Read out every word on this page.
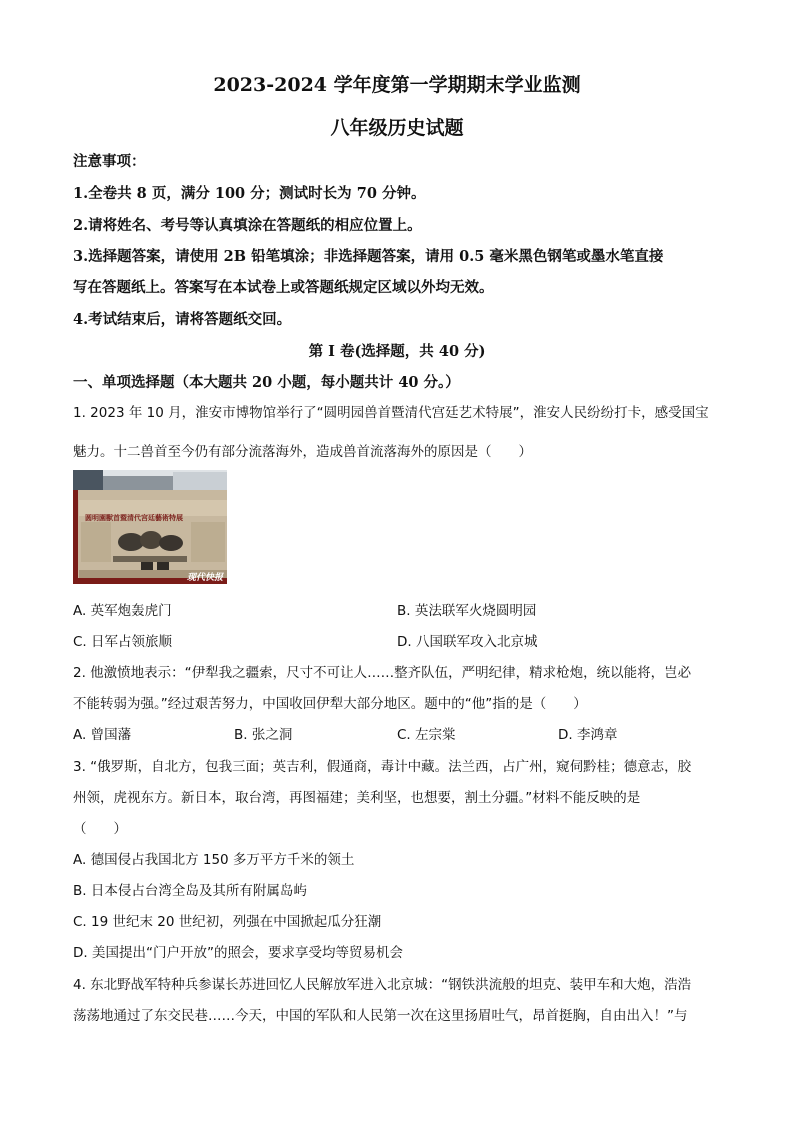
2023-2024 学年度第一学期期末学业监测
八年级历史试题
注意事项：
1.全卷共 8 页，满分 100 分；测试时长为 70 分钟。
2.请将姓名、考号等认真填涂在答题纸的相应位置上。
3.选择题答案，请使用 2B 铅笔填涂；非选择题答案，请用 0.5 毫米黑色钢笔或墨水笔直接
写在答题纸上。答案写在本试卷上或答题纸规定区域以外均无效。
4.考试结束后，请将答题纸交回。
第 I 卷(选择题，共 40 分)
一、单项选择题（本大题共 20 小题，每小题共计 40 分。）
1. 2023 年 10 月，淮安市博物馆举行了“圆明园兽首暨清代宫廷艺术特展”，淮安人民纷纷打卡，感受国宝
魅力。十二兽首至今仍有部分流落海外，造成兽首流落海外的原因是（　　）
圆明園獸首暨清代宫廷藝術特展
现代快报
A. 英军炮轰虎门	B. 英法联军火烧圆明园
C. 日军占领旅顺	D. 八国联军攻入北京城
2. 他激愤地表示：“伊犁我之疆索，尺寸不可让人……整齐队伍，严明纪律，精求枪炮，统以能将，岂必
不能转弱为强。”经过艰苦努力，中国收回伊犁大部分地区。题中的“他”指的是（　　）
A. 曾国藩	B. 张之洞	C. 左宗棠	D. 李鸿章
3. “俄罗斯，自北方，包我三面；英吉利，假通商，毒计中藏。法兰西，占广州，窥伺黔桂；德意志，胶
州领，虎视东方。新日本，取台湾，再图福建；美利坚，也想要，割土分疆。”材料不能反映的是
（　　）
A. 德国侵占我国北方 150 多万平方千米的领土
B. 日本侵占台湾全岛及其所有附属岛屿
C. 19 世纪末 20 世纪初，列强在中国掀起瓜分狂潮
D. 美国提出“门户开放”的照会，要求享受均等贸易机会
4. 东北野战军特种兵参谋长苏进回忆人民解放军进入北京城：“钢铁洪流般的坦克、装甲车和大炮，浩浩
荡荡地通过了东交民巷……今天，中国的军队和人民第一次在这里扬眉吐气，昂首挺胸，自由出入！”与
